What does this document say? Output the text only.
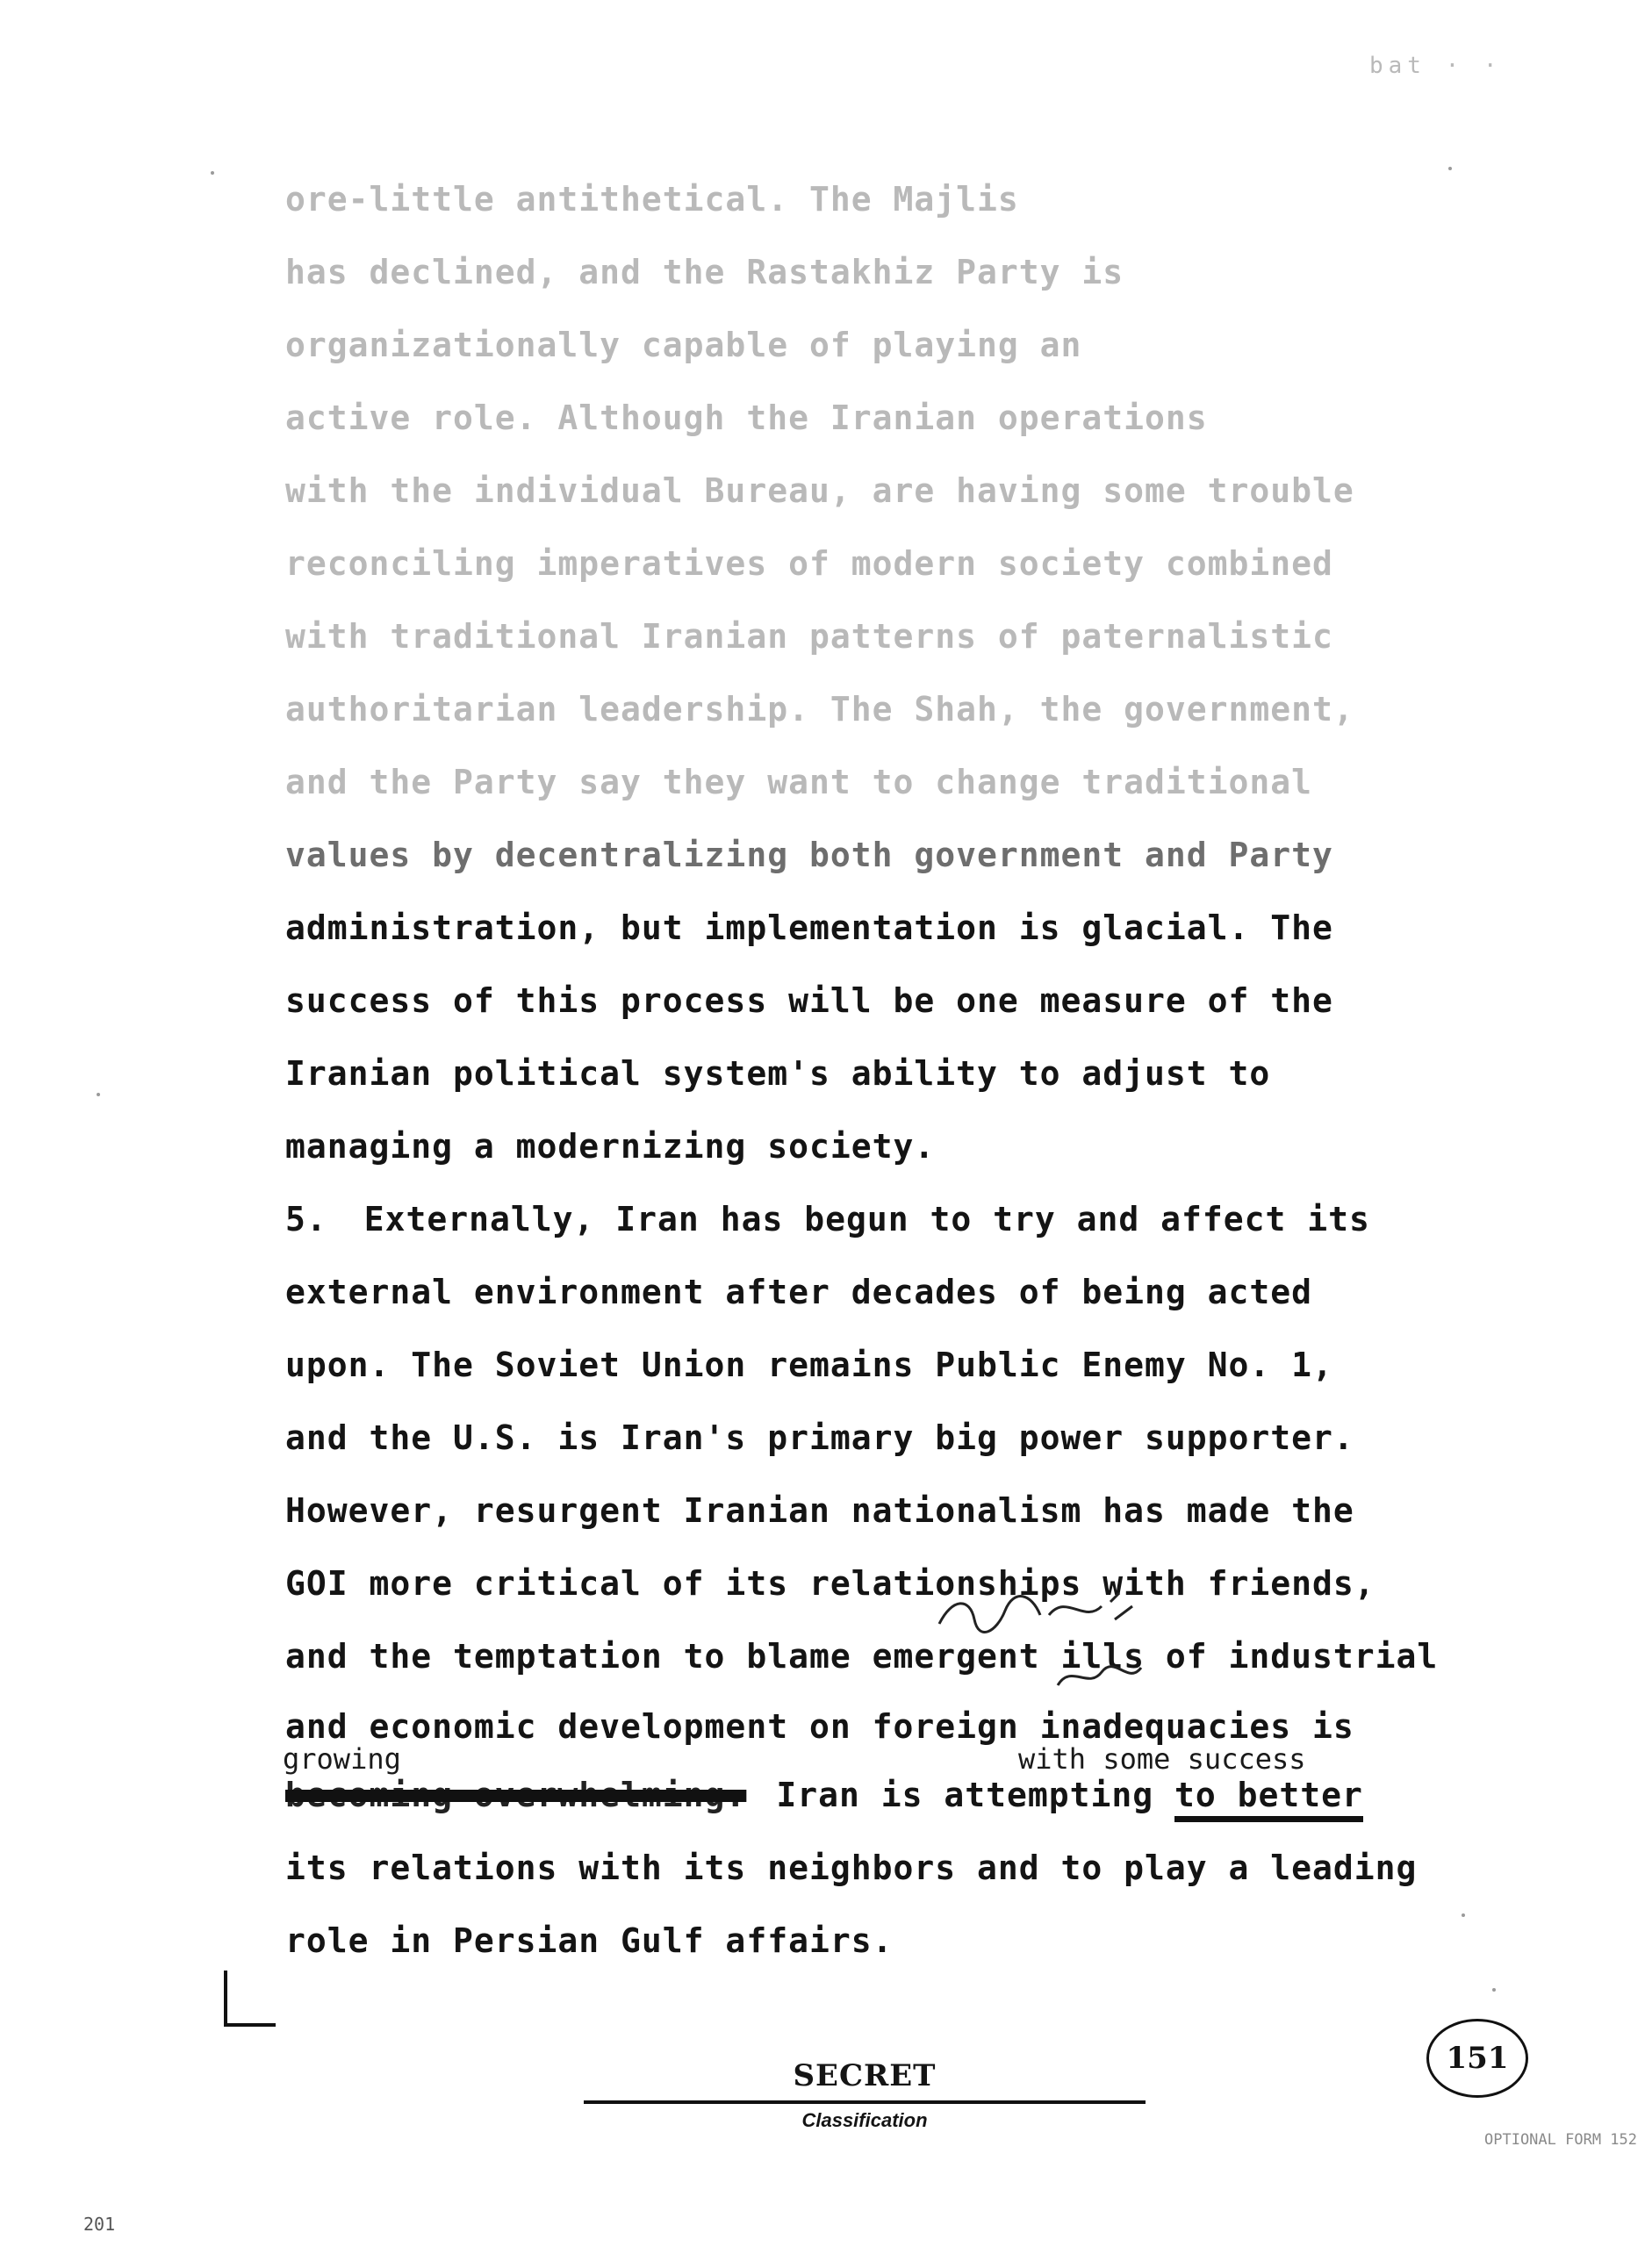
bat · ·
ore-little antithetical. The Majlis
has declined, and the Rastakhiz Party is
organizationally capable of playing an
active role. Although the Iranian operations
with the individual Bureau, are having some trouble
reconciling imperatives of modern society combined
with traditional Iranian patterns of paternalistic
authoritarian leadership. The Shah, the government,
and the Party say they want to change traditional
values by decentralizing both government and Party
administration, but implementation is glacial. The
success of this process will be one measure of the
Iranian political system's ability to adjust to
managing a modernizing society.
5. Externally, Iran has begun to try and affect its
external environment after decades of being acted
upon. The Soviet Union remains Public Enemy No. 1,
and the U.S. is Iran's primary big power supporter.
However, resurgent Iranian nationalism has made the
GOI more critical of its relationships with friends,
and the temptation to blame emergent ills of industrial
and economic development on foreign inadequacies is
growing	with some success
becoming overwhelming. Iran is attempting to better
its relations with its neighbors and to play a leading
role in Persian Gulf affairs.
151
SECRET
Classification
OPTIONAL FORM 152
201
